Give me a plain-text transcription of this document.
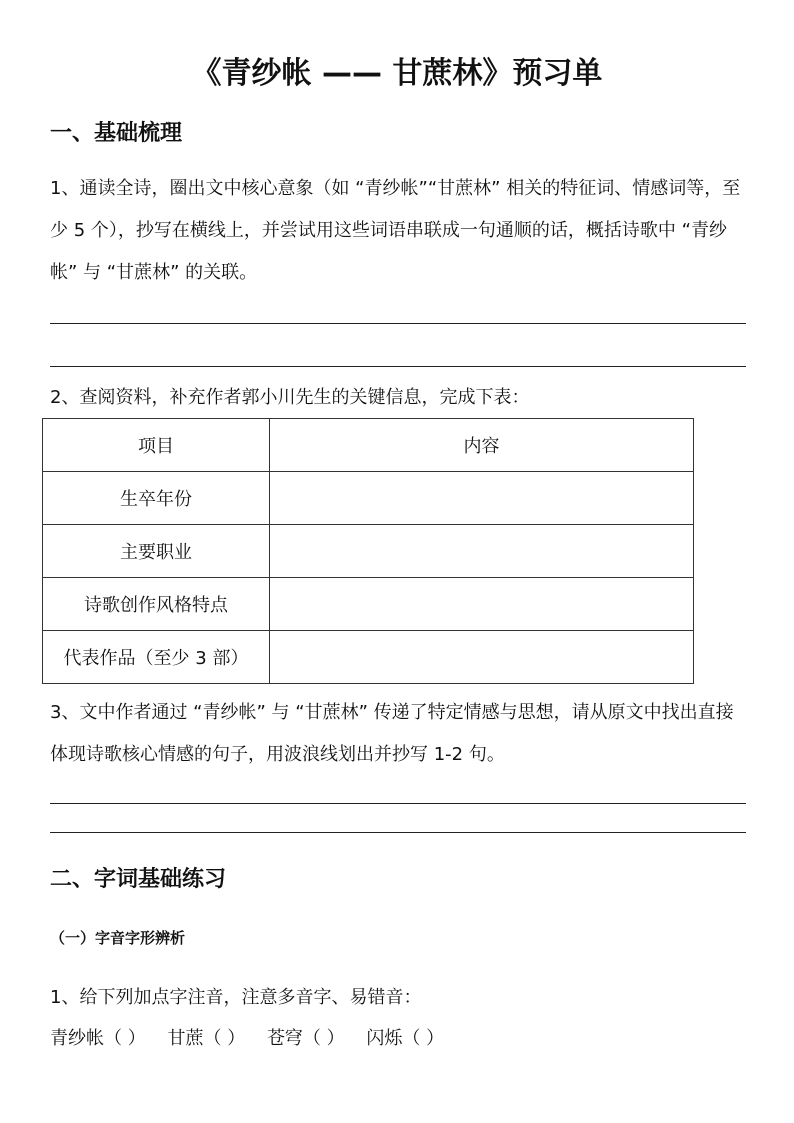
《青纱帐 —— 甘蔗林》预习单
一、基础梳理
1、通读全诗，圈出文中核心意象（如 “青纱帐”“甘蔗林” 相关的特征词、情感词等，至少 5 个），抄写在横线上，并尝试用这些词语串联成一句通顺的话，概括诗歌中 “青纱帐” 与 “甘蔗林” 的关联。
2、查阅资料，补充作者郭小川先生的关键信息，完成下表：
项目	内容
生卒年份	
主要职业	
诗歌创作风格特点	
代表作品（至少 3 部）	
3、文中作者通过 “青纱帐” 与 “甘蔗林” 传递了特定情感与思想，请从原文中找出直接体现诗歌核心情感的句子，用波浪线划出并抄写 1-2 句。
二、字词基础练习
（一）字音字形辨析
1、给下列加点字注音，注意多音字、易错音：
青纱帐（ ） 甘蔗（ ） 苍穹（ ） 闪烁（ ）
